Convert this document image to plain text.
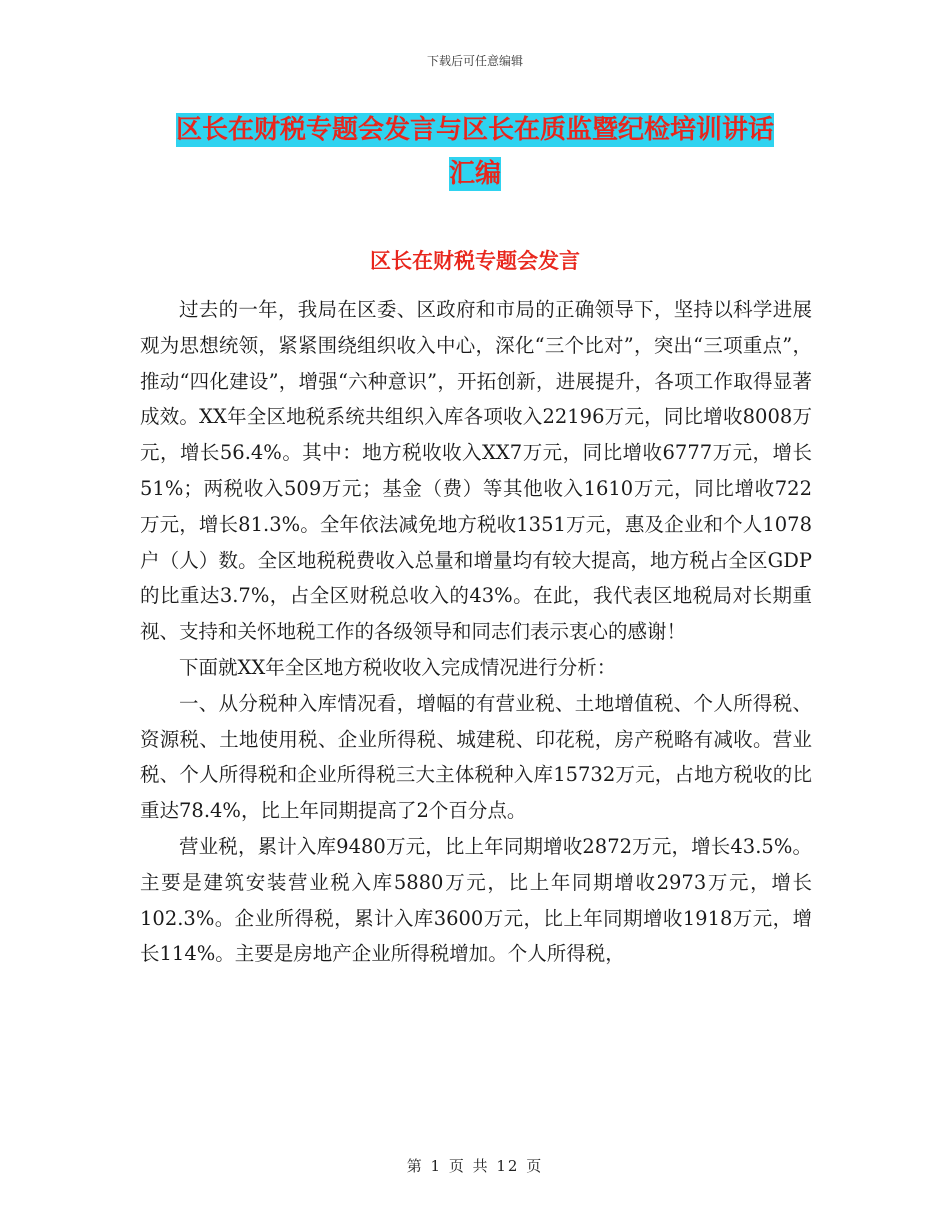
下载后可任意编辑
区长在财税专题会发言与区长在质监暨纪检培训讲话
汇编
区长在财税专题会发言

过去的一年，我局在区委、区政府和市局的正确领导下，坚持以科学进展观为思想统领，紧紧围绕组织收入中心，深化“三个比对”，突出“三项重点”，推动“四化建设”，增强“六种意识”，开拓创新，进展提升，各项工作取得显著成效。XX年全区地税系统共组织入库各项收入22196万元，同比增收8008万元，增长56.4%。其中：地方税收收入XX7万元，同比增收6777万元，增长51%；两税收入509万元；基金（费）等其他收入1610万元，同比增收722万元，增长81.3%。全年依法减免地方税收1351万元，惠及企业和个人1078户（人）数。全区地税税费收入总量和增量均有较大提高，地方税占全区GDP的比重达3.7%，占全区财税总收入的43%。在此，我代表区地税局对长期重视、支持和关怀地税工作的各级领导和同志们表示衷心的感谢！

下面就XX年全区地方税收收入完成情况进行分析：

一、从分税种入库情况看，增幅的有营业税、土地增值税、个人所得税、资源税、土地使用税、企业所得税、城建税、印花税，房产税略有减收。营业税、个人所得税和企业所得税三大主体税种入库15732万元，占地方税收的比重达78.4%，比上年同期提高了2个百分点。

营业税，累计入库9480万元，比上年同期增收2872万元，增长43.5%。主要是建筑安装营业税入库5880万元，比上年同期增收2973万元，增长102.3%。企业所得税，累计入库3600万元，比上年同期增收1918万元，增长114%。主要是房地产企业所得税增加。个人所得税，

第 1 页 共 12 页
